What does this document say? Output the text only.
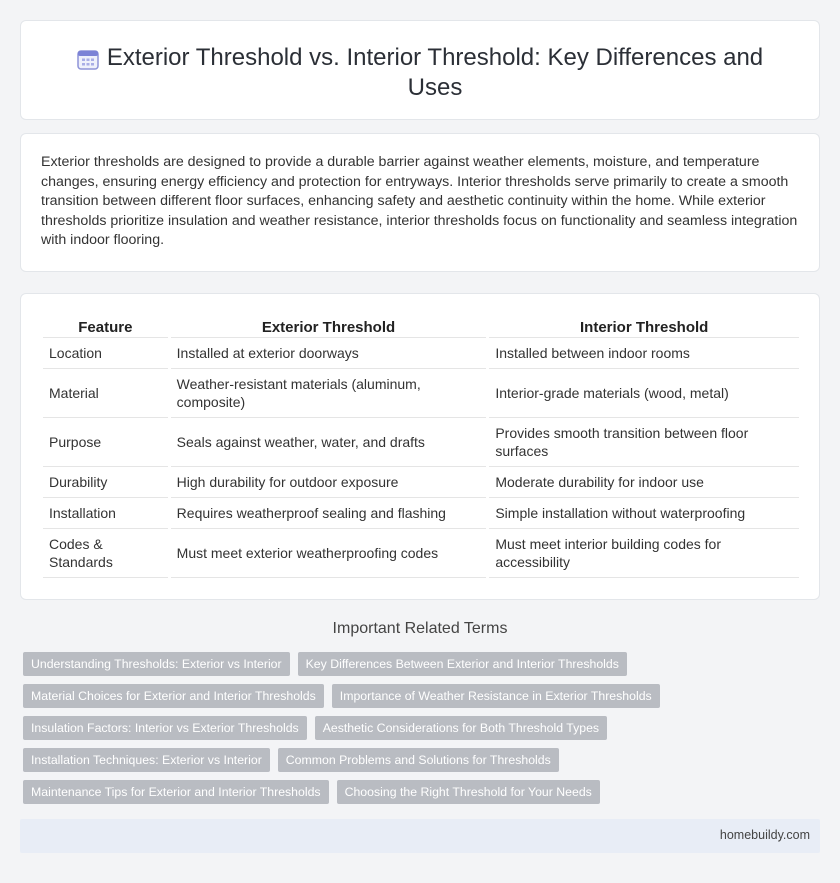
Exterior Threshold vs. Interior Threshold: Key Differences and Uses

Exterior thresholds are designed to provide a durable barrier against weather elements, moisture, and temperature changes, ensuring energy efficiency and protection for entryways. Interior thresholds serve primarily to create a smooth transition between different floor surfaces, enhancing safety and aesthetic continuity within the home. While exterior thresholds prioritize insulation and weather resistance, interior thresholds focus on functionality and seamless integration with indoor flooring.

Feature		Exterior Threshold		Interior Threshold
Location		Installed at exterior doorways		Installed between indoor rooms
Material		Weather-resistant materials (aluminum, composite)		Interior-grade materials (wood, metal)
Purpose		Seals against weather, water, and drafts		Provides smooth transition between floor surfaces
Durability		High durability for outdoor exposure		Moderate durability for indoor use
Installation		Requires weatherproof sealing and flashing		Simple installation without waterproofing
Codes & Standards		Must meet exterior weatherproofing codes		Must meet interior building codes for accessibility
Important Related Terms
Understanding Thresholds: Exterior vs Interior	Key Differences Between Exterior and Interior Thresholds
Material Choices for Exterior and Interior Thresholds	Importance of Weather Resistance in Exterior Thresholds
Insulation Factors: Interior vs Exterior Thresholds	Aesthetic Considerations for Both Threshold Types
Installation Techniques: Exterior vs Interior	Common Problems and Solutions for Thresholds
Maintenance Tips for Exterior and Interior Thresholds	Choosing the Right Threshold for Your Needs
homebuildy.com
